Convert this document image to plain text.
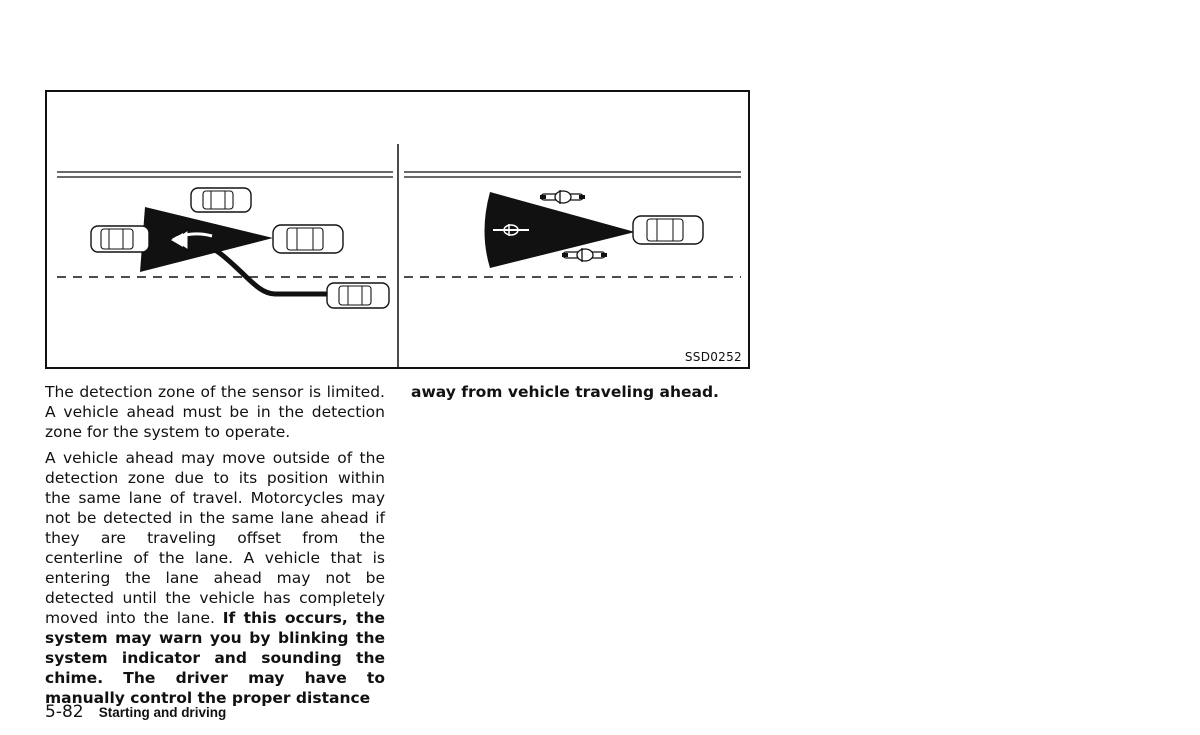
SSD0252

The detection zone of the sensor is limited. A vehicle ahead must be in the detection zone for the system to operate.

A vehicle ahead may move outside of the detection zone due to its position within the same lane of travel. Motorcycles may not be detected in the same lane ahead if they are traveling offset from the centerline of the lane. A vehicle that is entering the lane ahead may not be detected until the vehicle has completely moved into the lane. If this occurs, the system may warn you by blinking the system indicator and sounding the chime. The driver may have to manually control the proper distance

away from vehicle traveling ahead.

5-82 Starting and driving
